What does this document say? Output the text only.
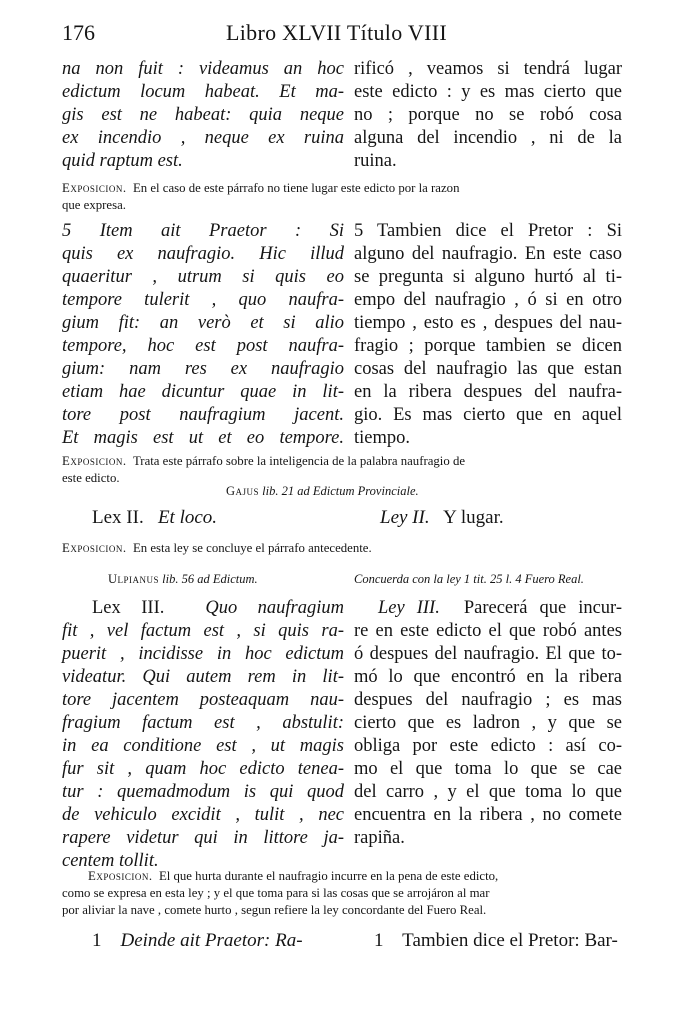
176	Libro XLVII Título VIII
na non fuit : videamus an hoc
edictum locum habeat. Et ma-
gis est ne habeat: quia neque
ex incendio , neque ex ruina
quid raptum est.
rificó , veamos si tendrá lugar
este edicto : y es mas cierto que
no ; porque no se robó cosa
alguna del incendio , ni de la
ruina.
Exposicion. En el caso de este párrafo no tiene lugar este edicto por la razon
que expresa.
5 Item ait Praetor : Si
quis ex naufragio. Hic illud
quaeritur , utrum si quis eo
tempore tulerit , quo naufra-
gium fit: an verò et si alio
tempore, hoc est post naufra-
gium: nam res ex naufragio
etiam hae dicuntur quae in lit-
tore post naufragium jacent.
Et magis est ut et eo tempore.
5 Tambien dice el Pretor : Si
alguno del naufragio. En este caso
se pregunta si alguno hurtó al ti-
empo del naufragio , ó si en otro
tiempo , esto es , despues del nau-
fragio ; porque tambien se dicen
cosas del naufragio las que estan
en la ribera despues del naufra-
gio. Es mas cierto que en aquel
tiempo.
Exposicion. Trata este párrafo sobre la inteligencia de la palabra naufragio de
este edicto.
Gajus lib. 21 ad Edictum Provinciale.
Lex II. Et loco.	Ley II. Y lugar.
Exposicion. En esta ley se concluye el párrafo antecedente.
Ulpianus lib. 56 ad Edictum.	Concuerda con la ley 1 tit. 25 l. 4 Fuero Real.
Lex III. Quo naufragium
fit , vel factum est , si quis ra-
puerit , incidisse in hoc edictum
videatur. Qui autem rem in lit-
tore jacentem posteaquam nau-
fragium factum est , abstulit:
in ea conditione est , ut magis
fur sit , quam hoc edicto tenea-
tur : quemadmodum is qui quod
de vehiculo excidit , tulit , nec
rapere videtur qui in littore ja-
centem tollit.
Ley III. Parecerá que incur-
re en este edicto el que robó antes
ó despues del naufragio. El que to-
mó lo que encontró en la ribera
despues del naufragio ; es mas
cierto que es ladron , y que se
obliga por este edicto : así co-
mo el que toma lo que se cae
del carro , y el que toma lo que
encuentra en la ribera , no comete
rapiña.
Exposicion. El que hurta durante el naufragio incurre en la pena de este edicto,
como se expresa en esta ley ; y el que toma para si las cosas que se arrojáron al mar
por aliviar la nave , comete hurto , segun refiere la ley concordante del Fuero Real.
1 Deinde ait Praetor: Ra-	1 Tambien dice el Pretor: Bar-
